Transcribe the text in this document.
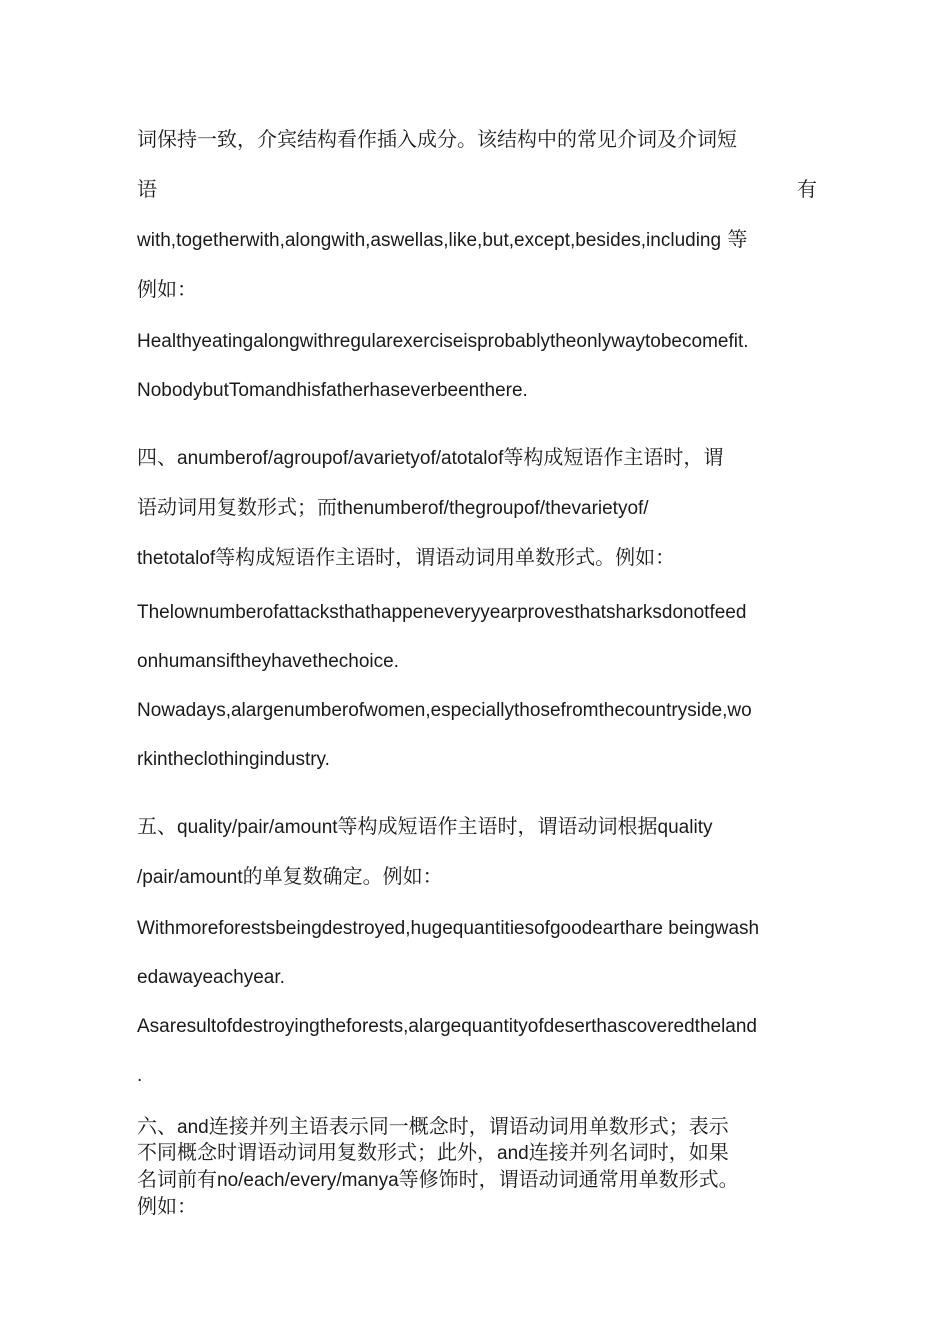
词保持一致，介宾结构看作插入成分。该结构中的常见介词及介词短
语	有
with,togetherwith,alongwith,aswellas,like,but,except,besides,including 等
例如：
Healthyeatingalongwithregularexerciseisprobablytheonlywaytobecomefit.
NobodybutTomandhisfatherhaseverbeenthere.
四、anumberof/agroupof/avarietyof/atotalof等构成短语作主语时，谓
语动词用复数形式；而thenumberof/thegroupof/thevarietyof/
thetotalof等构成短语作主语时，谓语动词用单数形式。例如：
Thelownumberofattacksthathappeneveryyearprovesthatsharksdonotfeed
onhumansiftheyhavethechoice.
Nowadays,alargenumberofwomen,especiallythosefromthecountryside,wo
rkintheclothingindustry.
五、quality/pair/amount等构成短语作主语时，谓语动词根据quality
/pair/amount的单复数确定。例如：
Withmoreforestsbeingdestroyed,hugequantitiesofgoodearthare beingwash
edawayeachyear.
Asaresultofdestroyingtheforests,alargequantityofdeserthascoveredtheland
.
六、and连接并列主语表示同一概念时，谓语动词用单数形式；表示
不同概念时谓语动词用复数形式；此外，and连接并列名词时，如果
名词前有no/each/every/manya等修饰时，谓语动词通常用单数形式。
例如：
